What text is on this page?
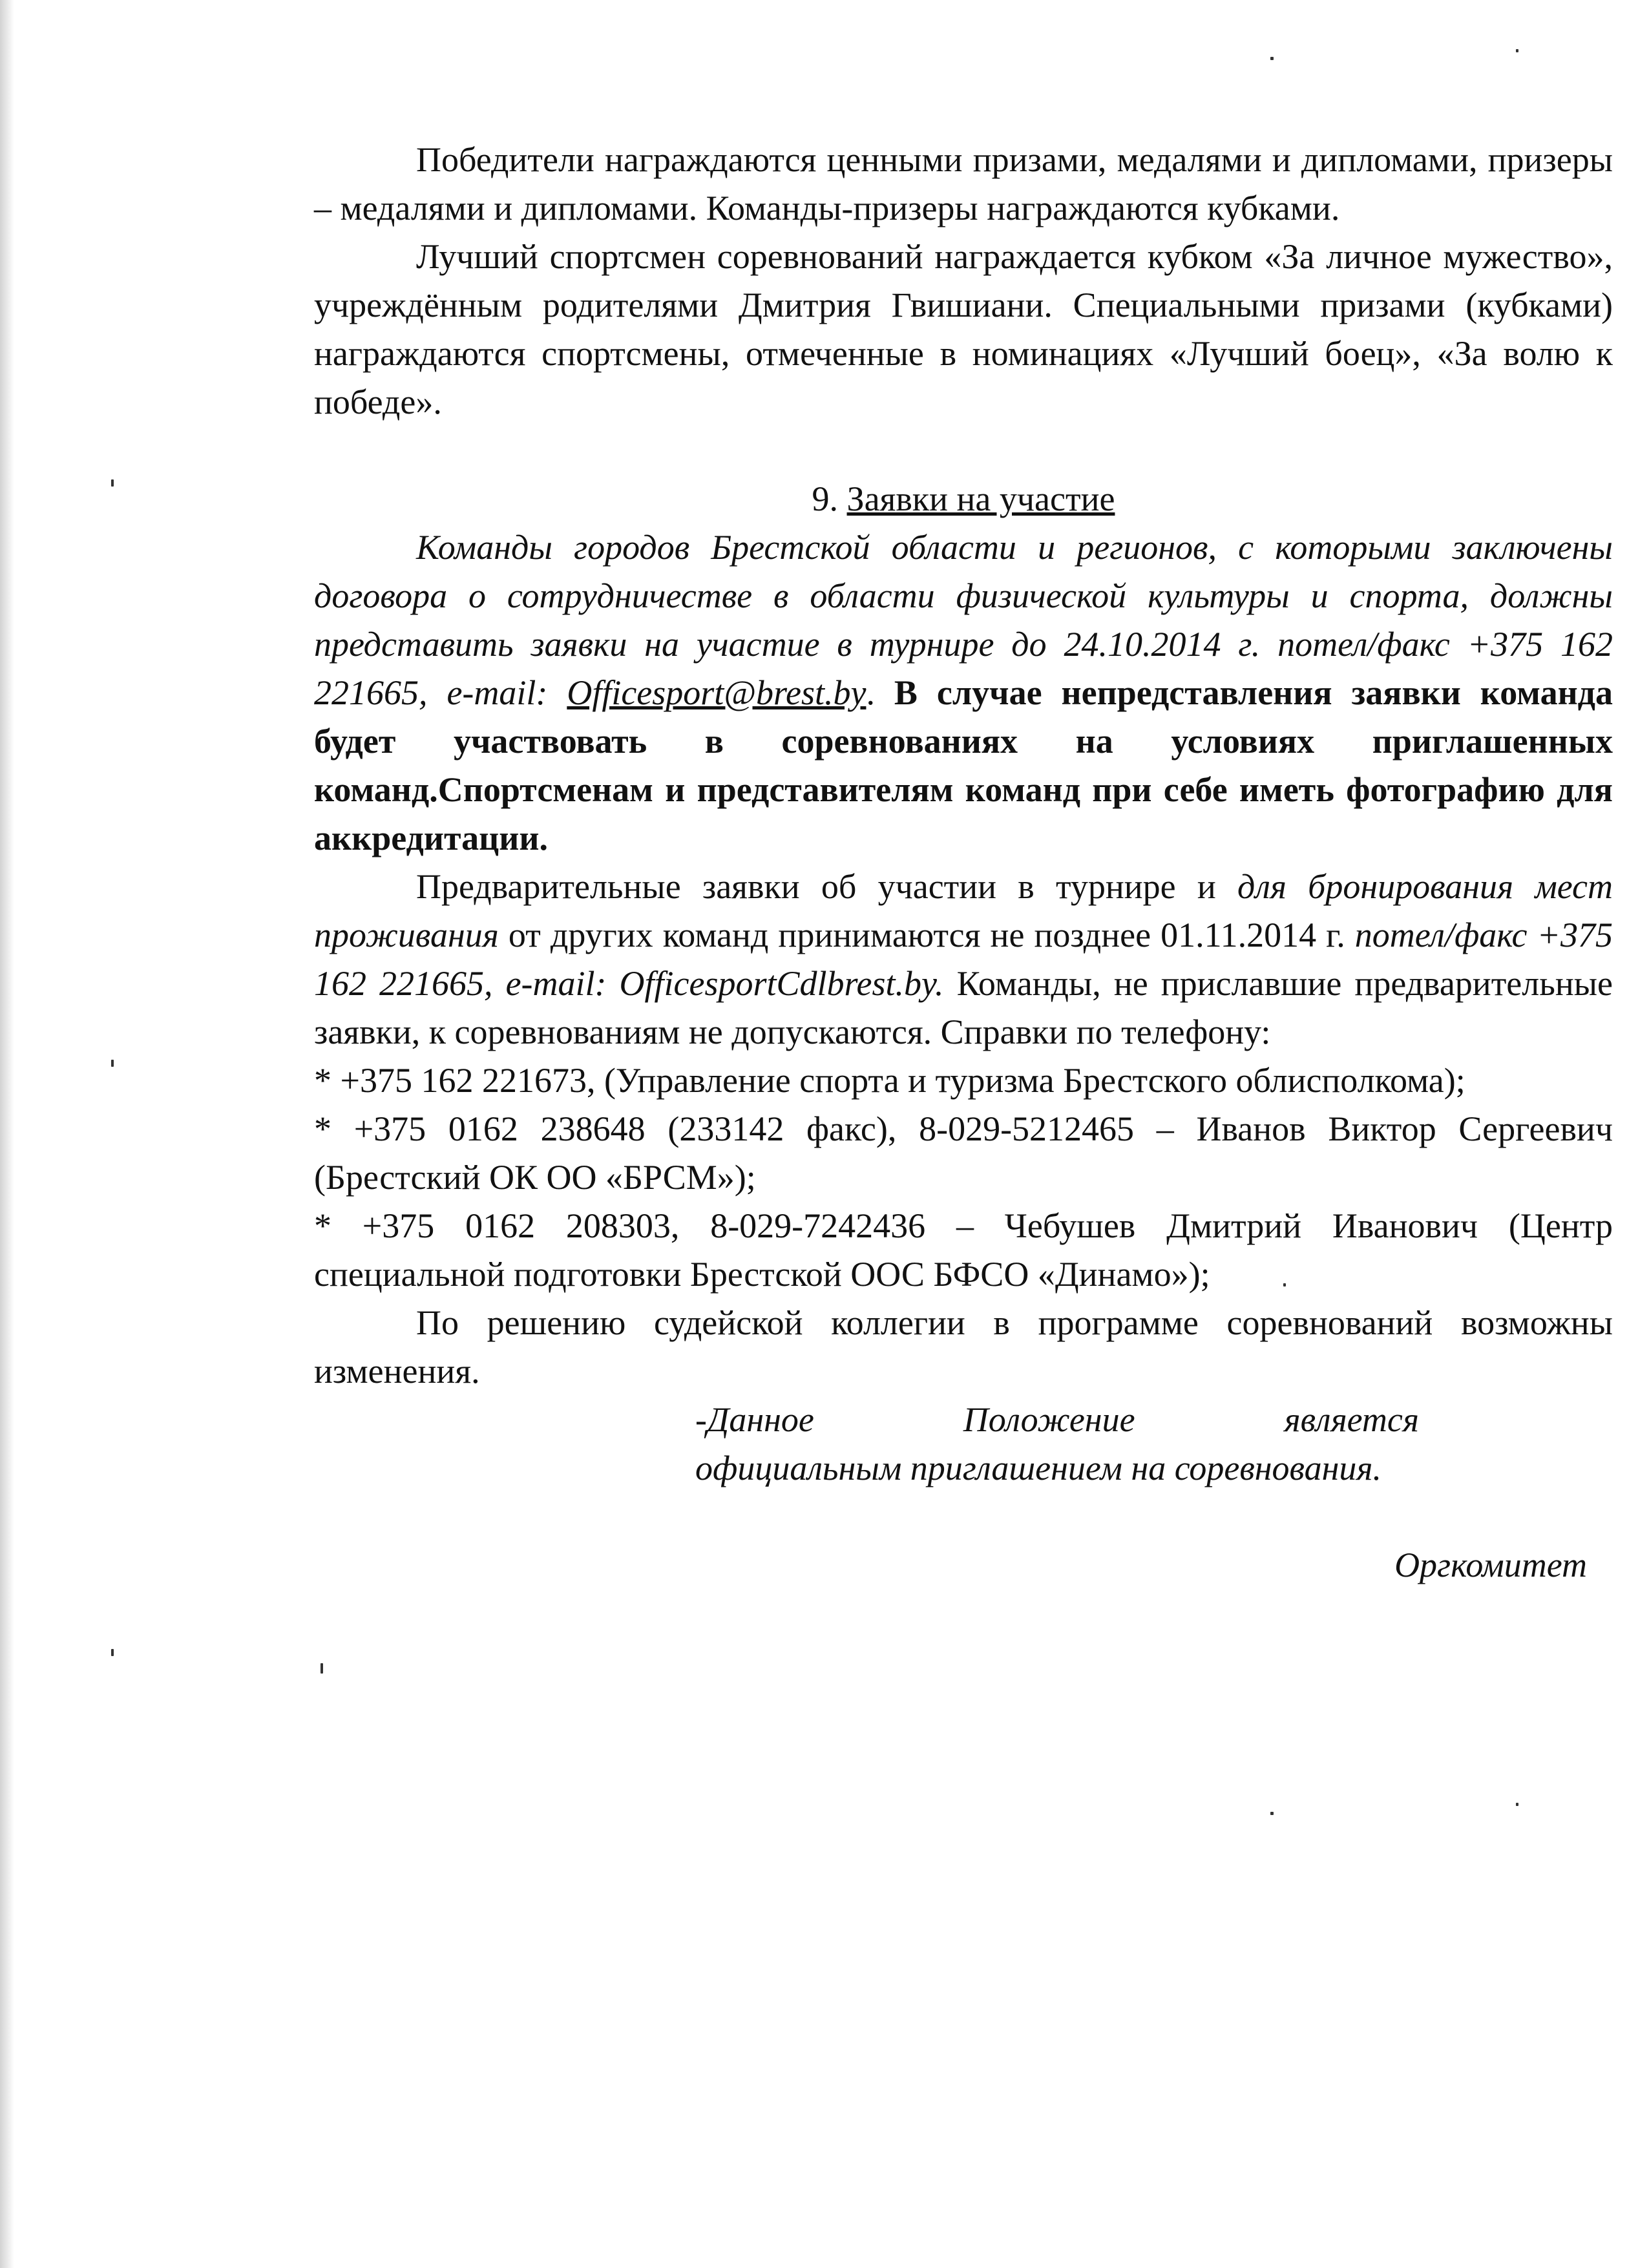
Победители награждаются ценными призами, медалями и дипломами, призеры – медалями и дипломами. Команды-призеры награждаются кубками.

Лучший спортсмен соревнований награждается кубком «За личное мужество», учреждённым родителями Дмитрия Гвишиани. Специальными призами (кубками) награждаются спортсмены, отмеченные в номинациях «Лучший боец», «За волю к победе».

9. Заявки на участие

Команды городов Брестской области и регионов, с которыми заключены договора о сотрудничестве в области физической культуры и спорта, должны представить заявки на участие в турнире до 24.10.2014 г. потел/факс +375 162 221665, e-mail: Officesport@brest.by. В случае непредставления заявки команда будет участвовать в соревнованиях на условиях приглашенных команд.Спортсменам и представителям команд при себе иметь фотографию для аккредитации.

Предварительные заявки об участии в турнире и для бронирования мест проживания от других команд принимаются не позднее 01.11.2014 г. потел/факс +375 162 221665, e-mail: OfficesportCdlbrest.by. Команды, не приславшие предварительные заявки, к соревнованиям не допускаются. Справки по телефону:

* +375 162 221673, (Управление спорта и туризма Брестского облисполкома);

* +375 0162 238648 (233142 факс), 8-029-5212465 – Иванов Виктор Сергеевич (Брестский ОК ОО «БРСМ»);

* +375 0162 208303, 8-029-7242436 – Чебушев Дмитрий Иванович (Центр специальной подготовки Брестской ООС БФСО «Динамо»);

По решению судейской коллегии в программе соревнований возможны изменения.

-Данное Положение является

официальным приглашением на соревнования.

Оргкомитет
